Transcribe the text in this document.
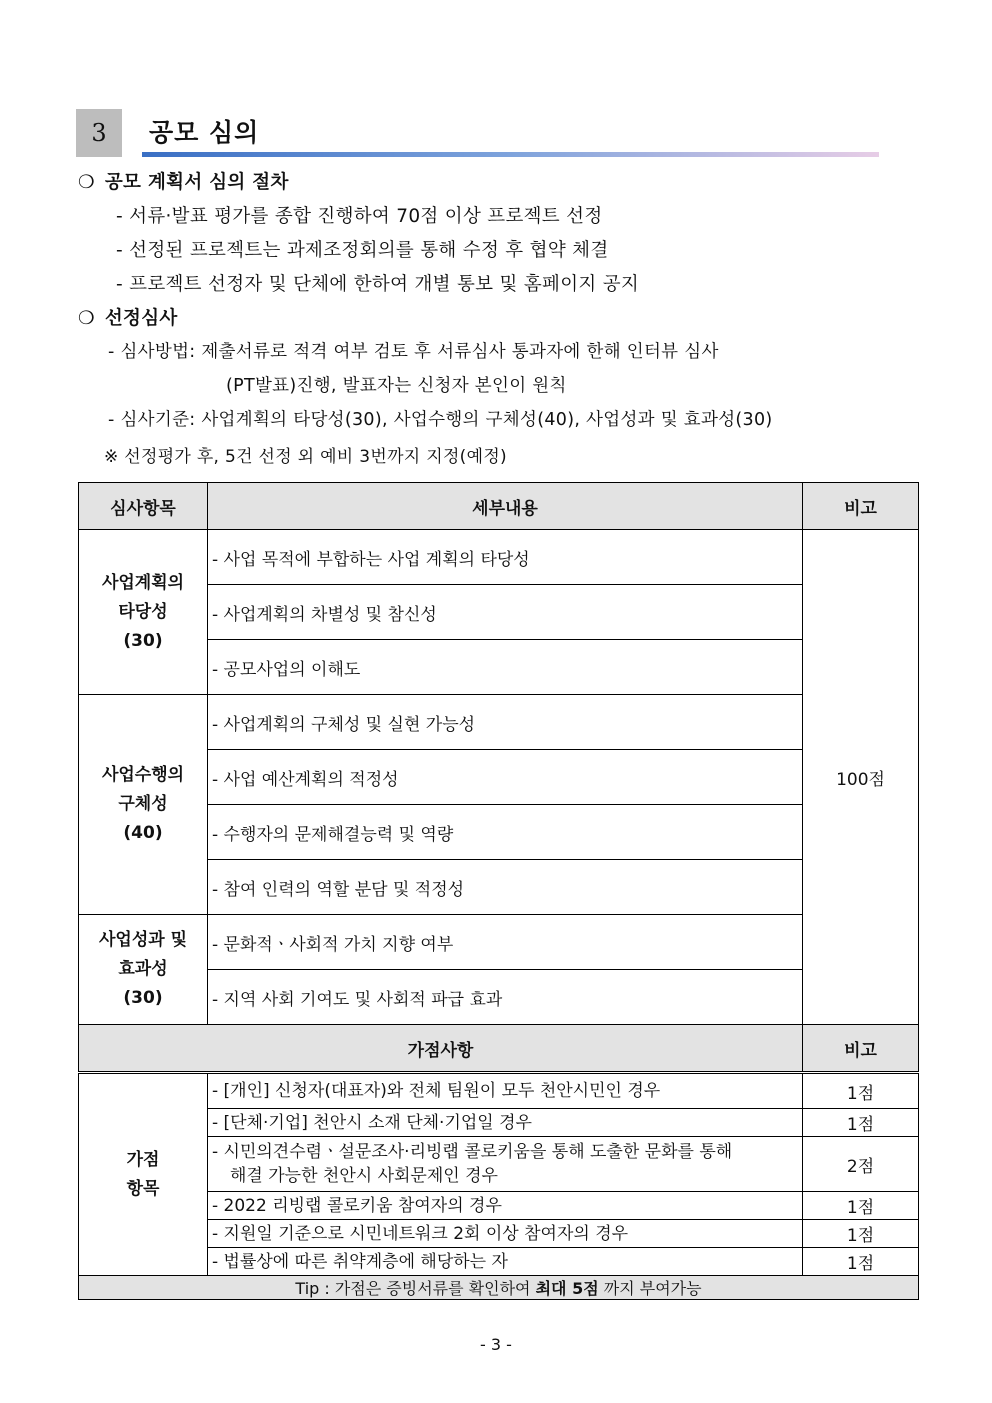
3	공모 심의
❍ 공모 계획서 심의 절차
- 서류·발표 평가를 종합 진행하여 70점 이상 프로젝트 선정
- 선정된 프로젝트는 과제조정회의를 통해 수정 후 협약 체결
- 프로젝트 선정자 및 단체에 한하여 개별 통보 및 홈페이지 공지
❍ 선정심사
- 심사방법: 제출서류로 적격 여부 검토 후 서류심사 통과자에 한해 인터뷰 심사
(PT발표)진행, 발표자는 신청자 본인이 원칙
- 심사기준: 사업계획의 타당성(30), 사업수행의 구체성(40), 사업성과 및 효과성(30)
※ 선정평가 후, 5건 선정 외 예비 3번까지 지정(예정)
심사항목	세부내용	비고

사업계획의
타당성
(30)	- 사업 목적에 부합하는 사업 계획의 타당성	100점
	- 사업계획의 차별성 및 참신성	
	- 공모사업의 이해도	

사업수행의
구체성
(40)	- 사업계획의 구체성 및 실현 가능성	
	- 사업 예산계획의 적정성	
	- 수행자의 문제해결능력 및 역량	
	- 참여 인력의 역할 분담 및 적정성	

사업성과 및
효과성
(30)	- 문화적ㆍ사회적 가치 지향 여부	
	- 지역 사회 기여도 및 사회적 파급 효과	
가점사항		비고
가점
항목	- [개인] 신청자(대표자)와 전체 팀원이 모두 천안시민인 경우	1점
	- [단체·기업] 천안시 소재 단체·기업일 경우	1점

	- 시민의견수렴ㆍ설문조사·리빙랩 콜로키움을 통해 도출한 문화를 통해
해결 가능한 천안시 사회문제인 경우	2점
	- 2022 리빙랩 콜로키움 참여자의 경우	1점
	- 지원일 기준으로 시민네트워크 2회 이상 참여자의 경우	1점
	- 법률상에 따른 취약계층에 해당하는 자	1점
Tip : 가점은 증빙서류를 확인하여 최대 5점 까지 부여가능		
- 3 -
